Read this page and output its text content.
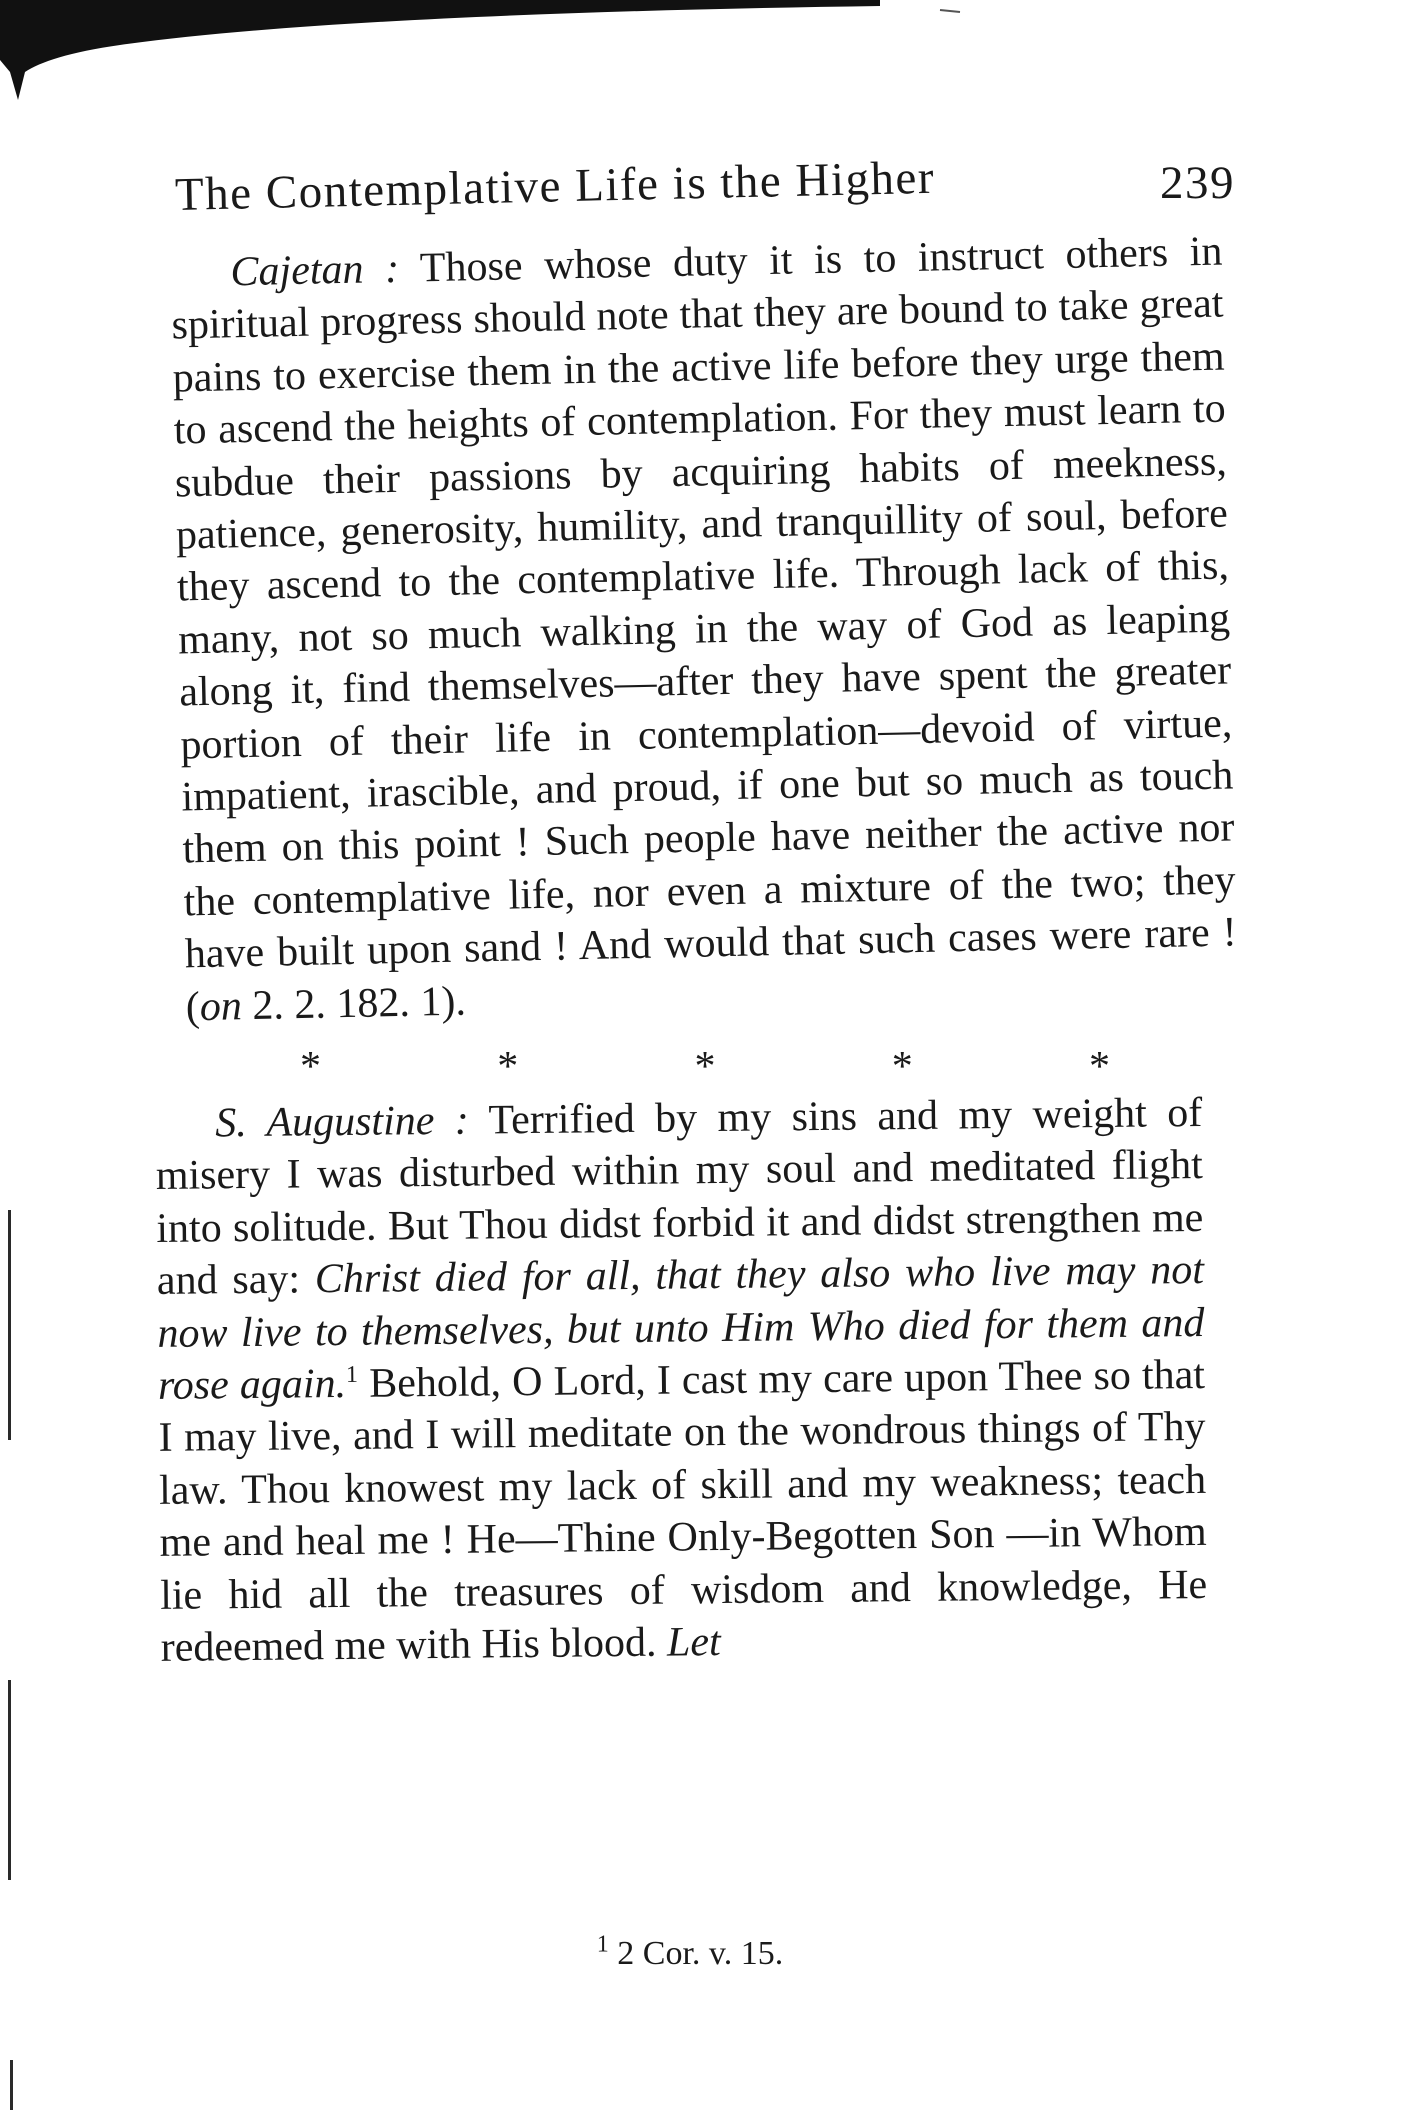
The Contemplative Life is the Higher	239

Cajetan : Those whose duty it is to instruct others in spiritual progress should note that they are bound to take great pains to exercise them in the active life before they urge them to ascend the heights of contemplation. For they must learn to subdue their passions by acquiring habits of meekness, patience, generosity, humility, and tranquillity of soul, before they ascend to the contemplative life. Through lack of this, many, not so much walking in the way of God as leaping along it, find themselves—after they have spent the greater portion of their life in contemplation—devoid of virtue, impatient, irascible, and proud, if one but so much as touch them on this point ! Such people have neither the active nor the contemplative life, nor even a mixture of the two; they have built upon sand ! And would that such cases were rare ! (on 2. 2. 182. 1).

*	*	*	*	*

S. Augustine : Terrified by my sins and my weight of misery I was disturbed within my soul and meditated flight into solitude. But Thou didst forbid it and didst strengthen me and say: Christ died for all, that they also who live may not now live to themselves, but unto Him Who died for them and rose again.$^1$ Behold, O Lord, I cast my care upon Thee so that I may live, and I will meditate on the wondrous things of Thy law. Thou knowest my lack of skill and my weakness; teach me and heal me ! He—Thine Only-Begotten Son —in Whom lie hid all the treasures of wisdom and knowledge, He redeemed me with His blood. Let

$^1$ 2 Cor. v. 15.
